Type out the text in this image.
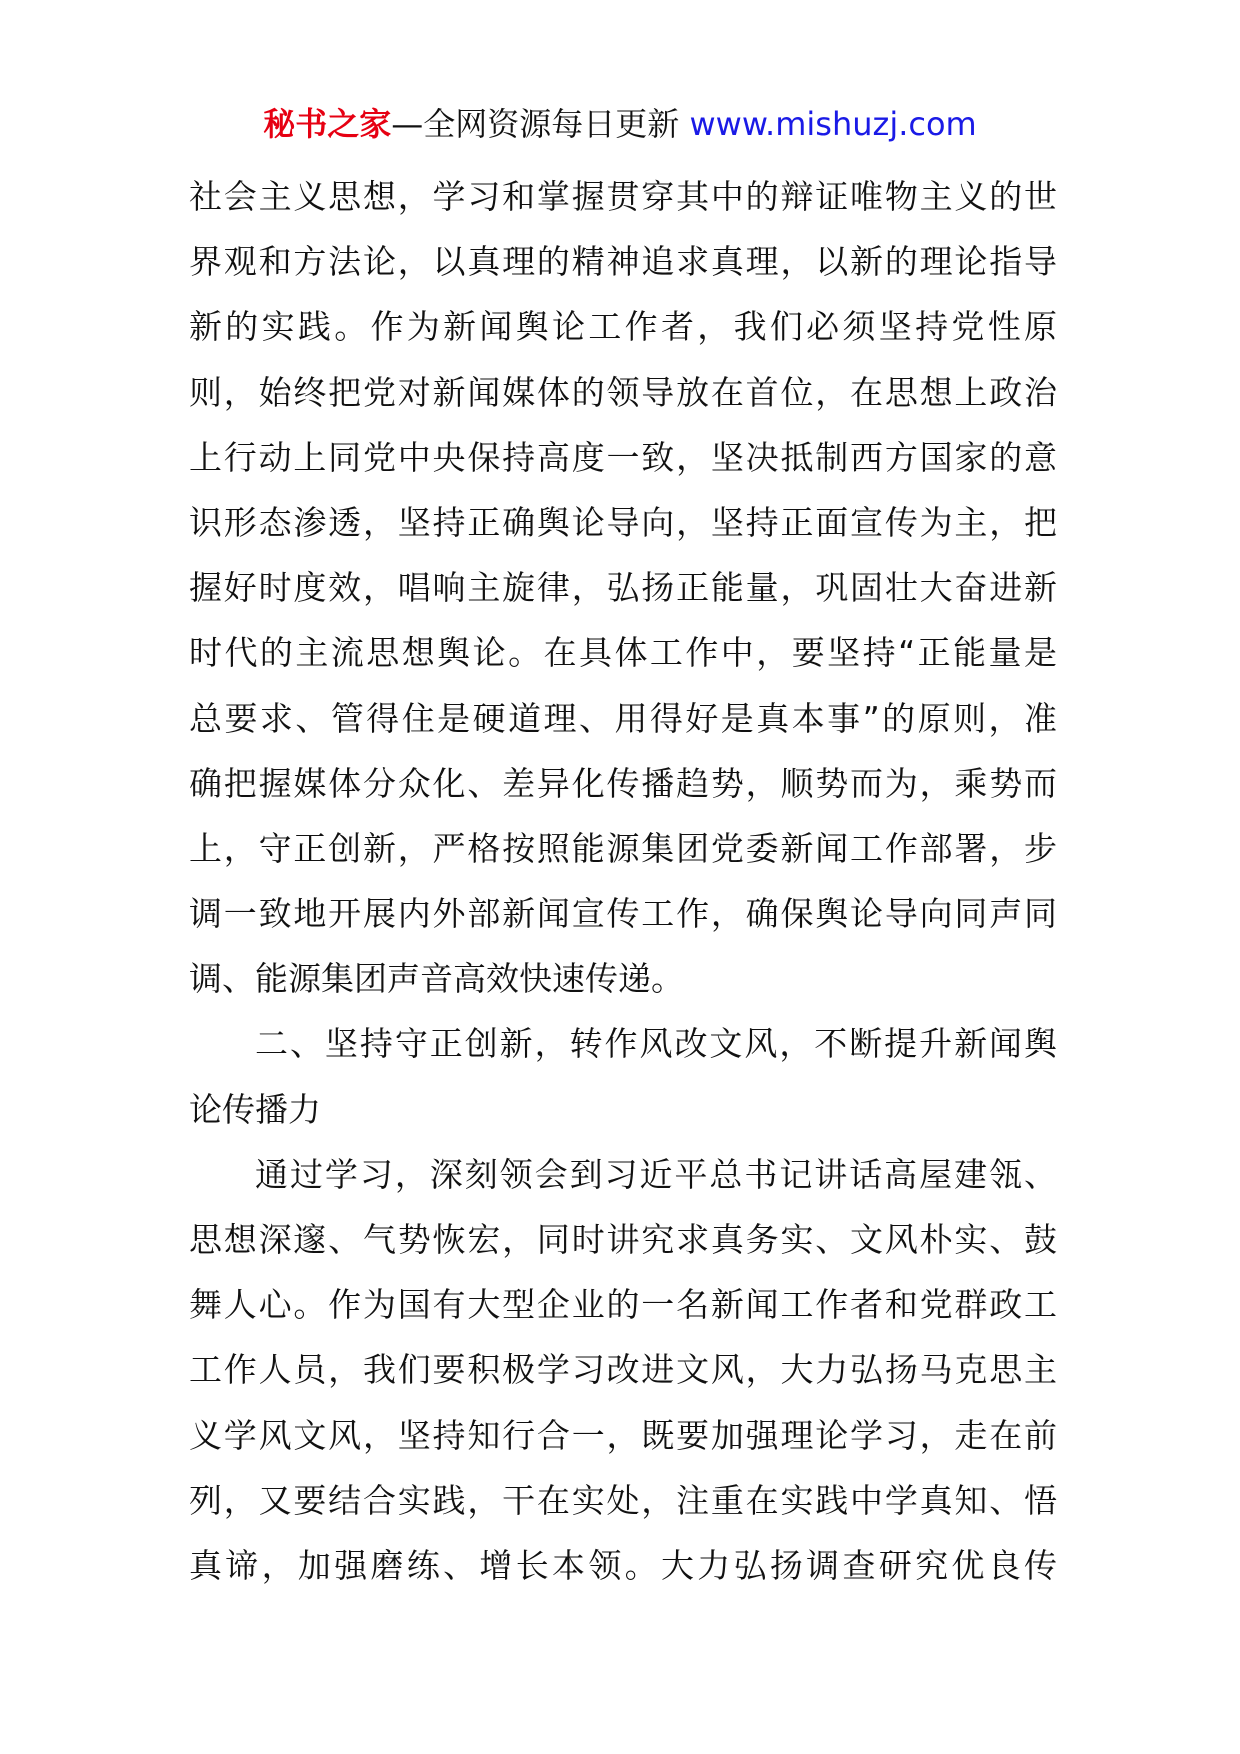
秘书之家—全网资源每日更新 www.mishuzj.com
社会主义思想，学习和掌握贯穿其中的辩证唯物主义的世
界观和方法论，以真理的精神追求真理，以新的理论指导
新的实践。作为新闻舆论工作者，我们必须坚持党性原
则，始终把党对新闻媒体的领导放在首位，在思想上政治
上行动上同党中央保持高度一致，坚决抵制西方国家的意
识形态渗透，坚持正确舆论导向，坚持正面宣传为主，把
握好时度效，唱响主旋律，弘扬正能量，巩固壮大奋进新
时代的主流思想舆论。在具体工作中，要坚持“正能量是
总要求、管得住是硬道理、用得好是真本事”的原则，准
确把握媒体分众化、差异化传播趋势，顺势而为，乘势而
上，守正创新，严格按照能源集团党委新闻工作部署，步
调一致地开展内外部新闻宣传工作，确保舆论导向同声同
调、能源集团声音高效快速传递。
二、坚持守正创新，转作风改文风，不断提升新闻舆
论传播力
通过学习，深刻领会到习近平总书记讲话高屋建瓴、
思想深邃、气势恢宏，同时讲究求真务实、文风朴实、鼓
舞人心。作为国有大型企业的一名新闻工作者和党群政工
工作人员，我们要积极学习改进文风，大力弘扬马克思主
义学风文风，坚持知行合一，既要加强理论学习，走在前
列，又要结合实践，干在实处，注重在实践中学真知、悟
真谛，加强磨练、增长本领。大力弘扬调查研究优良传
